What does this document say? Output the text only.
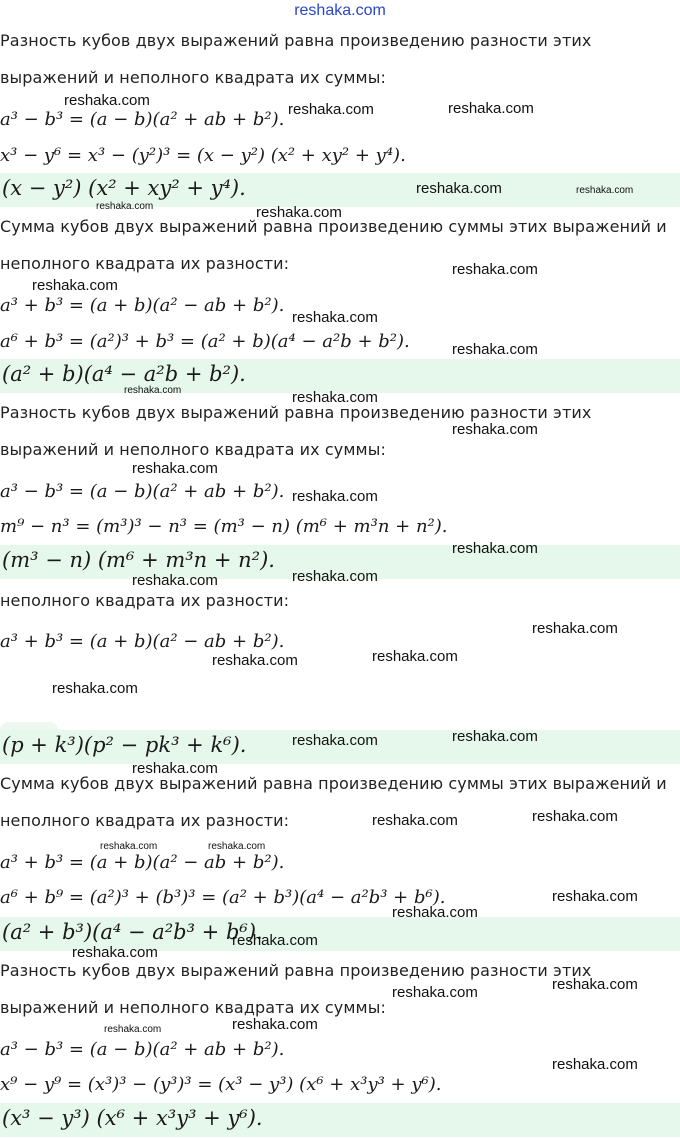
reshaka.com
Разность кубов двух выражений равна произведению разности этих
выражений и неполного квадрата их суммы:
a³ − b³ = (a − b)(a² + ab + b²).
x³ − y⁶ = x³ − (y²)³ = (x − y²) (x² + xy² + y⁴).
(x − y²) (x² + xy² + y⁴).
Сумма кубов двух выражений равна произведению суммы этих выражений и
неполного квадрата их разности:
a³ + b³ = (a + b)(a² − ab + b²).
a⁶ + b³ = (a²)³ + b³ = (a² + b)(a⁴ − a²b + b²).
(a² + b)(a⁴ − a²b + b²).
Разность кубов двух выражений равна произведению разности этих
выражений и неполного квадрата их суммы:
a³ − b³ = (a − b)(a² + ab + b²).
m⁹ − n³ = (m³)³ − n³ = (m³ − n) (m⁶ + m³n + n²).
(m³ − n) (m⁶ + m³n + n²).
неполного квадрата их разности:
a³ + b³ = (a + b)(a² − ab + b²).
(p + k³)(p² − pk³ + k⁶).
Сумма кубов двух выражений равна произведению суммы этих выражений и
неполного квадрата их разности:
a³ + b³ = (a + b)(a² − ab + b²).
a⁶ + b⁹ = (a²)³ + (b³)³ = (a² + b³)(a⁴ − a²b³ + b⁶).
(a² + b³)(a⁴ − a²b³ + b⁶).
Разность кубов двух выражений равна произведению разности этих
выражений и неполного квадрата их суммы:
a³ − b³ = (a − b)(a² + ab + b²).
x⁹ − y⁹ = (x³)³ − (y³)³ = (x³ − y³) (x⁶ + x³y³ + y⁶).
(x³ − y³) (x⁶ + x³y³ + y⁶).
reshaka.com
reshaka.com	reshaka.com
reshaka.com	reshaka.com
reshaka.com	reshaka.com
reshaka.com
reshaka.com
reshaka.com
reshaka.com
reshaka.com	reshaka.com
reshaka.com
reshaka.com
reshaka.com
reshaka.com
reshaka.com
reshaka.com
reshaka.com
reshaka.com
reshaka.com
reshaka.com
reshaka.com	reshaka.com
reshaka.com
reshaka.com	reshaka.com
reshaka.com	reshaka.com
reshaka.com
reshaka.com
reshaka.com
reshaka.com
reshaka.com
reshaka.com
reshaka.com
reshaka.com
reshaka.com
